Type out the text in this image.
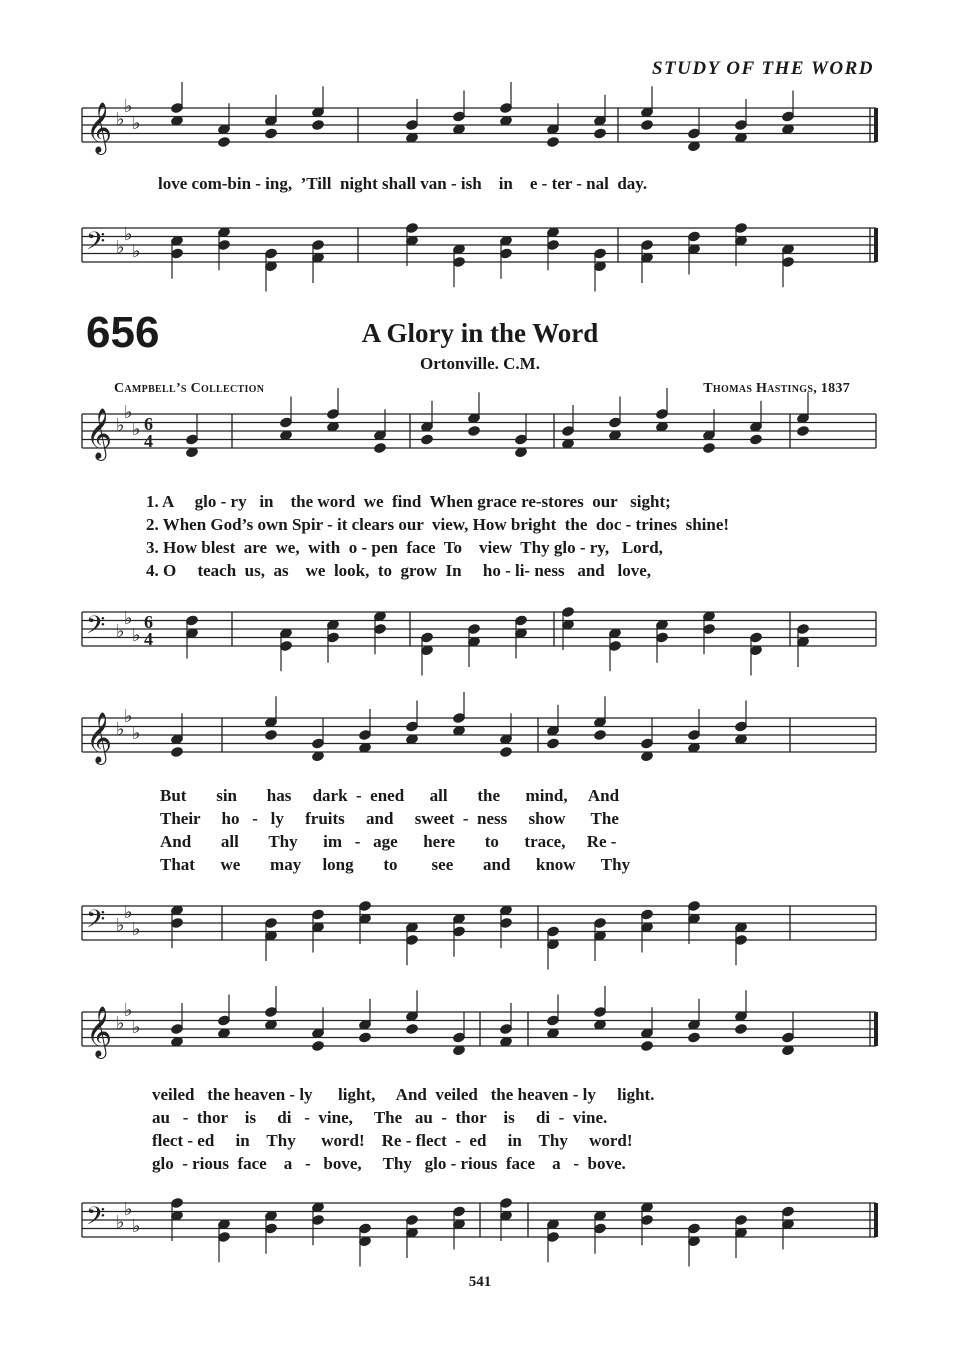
STUDY OF THE WORD
𝄞 ♭
♭
♭
𝄢 ♭
♭
♭
𝄞 ♭
♭
♭ 6
4
𝄢 ♭
♭
♭
6
4
𝄞 ♭
♭
♭
𝄢 ♭
♭
♭
𝄞 ♭
♭
♭
𝄢 ♭
♭
♭
love com-bin - ing,  ’Till  night shall van - ish    in    e - ter - nal  day.
656	A Glory in the Word
Ortonville. C.M.
Campbell’s Collection	Thomas Hastings, 1837
1. A     glo - ry   in    the word  we  find  When grace re-stores  our   sight;
2. When God’s own Spir - it clears our  view, How bright  the  doc - trines  shine!
3. How blest  are  we,  with  o - pen  face  To    view  Thy glo - ry,   Lord,
4. O     teach  us,  as    we  look,  to  grow  In     ho - li- ness   and   love,
But       sin       has     dark  -  ened      all       the      mind,     And
Their     ho   -   ly     fruits     and     sweet  -  ness     show      The
And       all       Thy      im   -   age      here       to      trace,     Re -
That      we       may     long       to        see       and      know      Thy
veiled   the heaven - ly      light,     And  veiled   the heaven - ly     light.
au   -  thor    is     di   -  vine,     The   au  -  thor    is     di  -  vine.
flect - ed     in    Thy      word!    Re - flect  -  ed     in    Thy     word!
glo  - rious  face    a   -   bove,     Thy   glo - rious  face    a   -  bove.
541
